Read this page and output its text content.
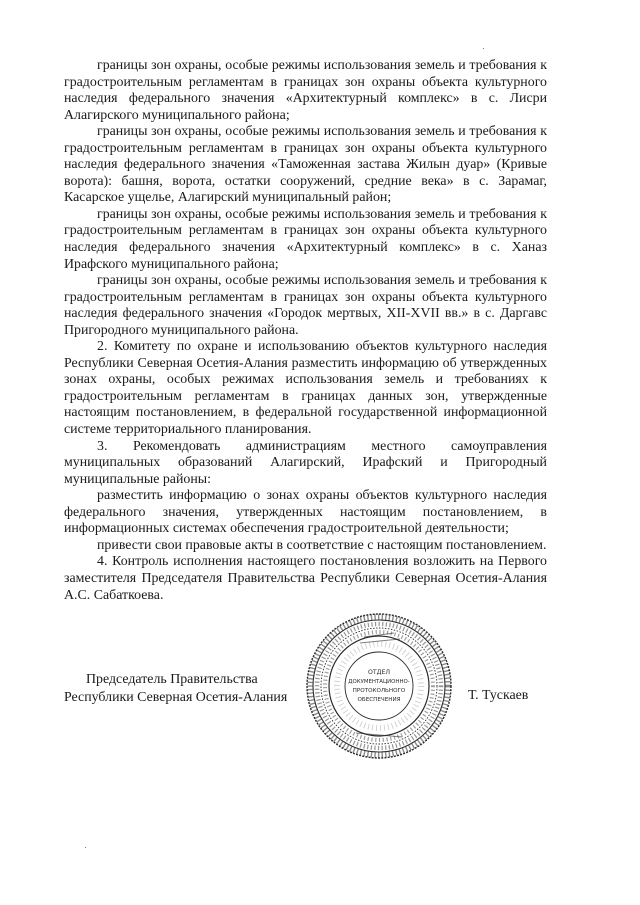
границы зон охраны, особые режимы использования земель и требования к градостроительным регламентам в границах зон охраны объекта культурного наследия федерального значения «Архитектурный комплекс» в с. Лисри Алагирского муниципального района;

границы зон охраны, особые режимы использования земель и требования к градостроительным регламентам в границах зон охраны объекта культурного наследия федерального значения «Таможенная застава Жилын дуар» (Кривые ворота): башня, ворота, остатки сооружений, средние века» в с. Зарамаг, Касарское ущелье, Алагирский муниципальный район;

границы зон охраны, особые режимы использования земель и требования к градостроительным регламентам в границах зон охраны объекта культурного наследия федерального значения «Архитектурный комплекс» в с. Ханаз Ирафского муниципального района;

границы зон охраны, особые режимы использования земель и требования к градостроительным регламентам в границах зон охраны объекта культурного наследия федерального значения «Городок мертвых, XII-XVII вв.» в с. Даргавс Пригородного муниципального района.

2. Комитету по охране и использованию объектов культурного наследия Республики Северная Осетия-Алания разместить информацию об утвержденных зонах охраны, особых режимах использования земель и требованиях к градостроительным регламентам в границах данных зон, утвержденные настоящим постановлением, в федеральной государственной информационной системе территориального планирования.

3. Рекомендовать администрациям местного самоуправления муниципальных образований Алагирский, Ирафский и Пригородный муниципальные районы:

разместить информацию о зонах охраны объектов культурного наследия федерального значения, утвержденных настоящим постановлением, в информационных системах обеспечения градостроительной деятельности;

привести свои правовые акты в соответствие с настоящим постановлением.

4. Контроль исполнения настоящего постановления возложить на Первого заместителя Председателя Правительства Республики Северная Осетия-Алания А.С. Сабаткоева.

Председатель Правительства
Республики Северная Осетия-Алания
ОТДЕЛ
ДОКУМЕНТАЦИОННО-
ПРОТОКОЛЬНОГО
ОБЕСПЕЧЕНИЯ	Т. Тускаев
